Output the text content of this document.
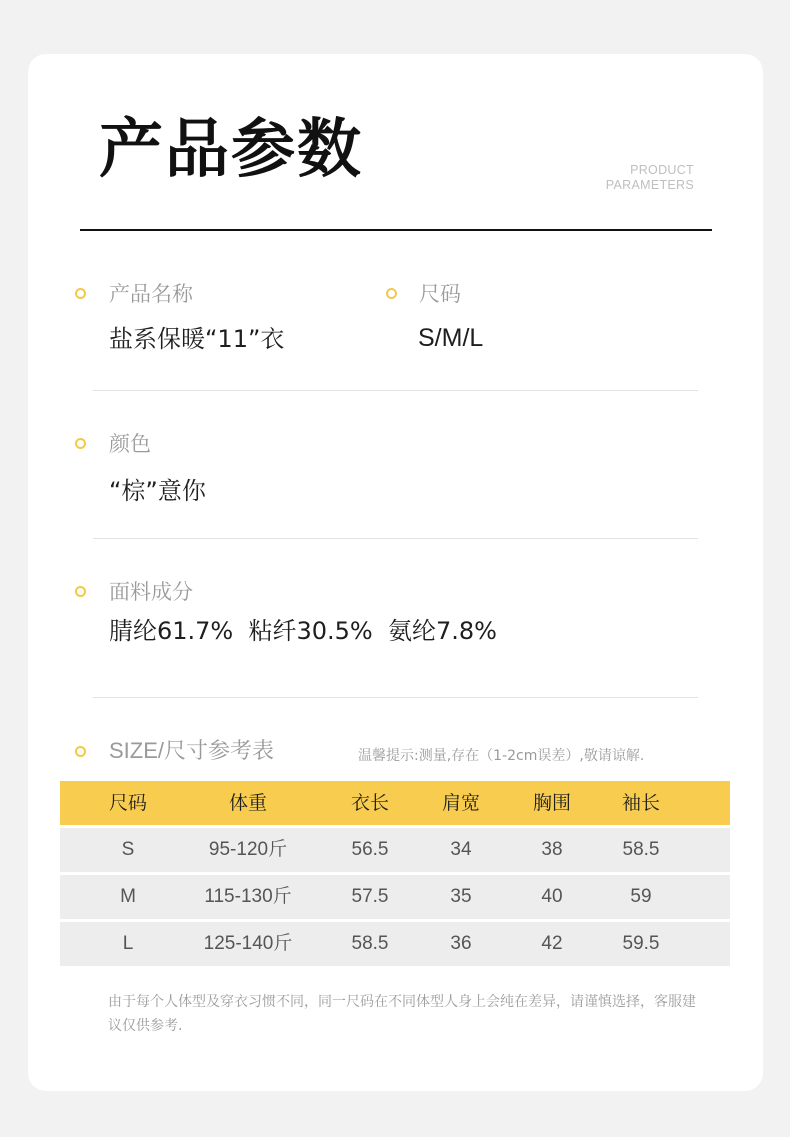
产品参数	PRODUCT
PARAMETERS
产品名称
盐系保暖“11”衣
尺码
S/M/L
颜色
“棕”意你
面料成分
腈纶61.7%  粘纤30.5%  氨纶7.8%
SIZE/尺寸参考表	温馨提示:测量,存在（1-2cm误差）,敬请谅解.
尺码	体重	衣长	肩宽	胸围	袖长
S	95-120斤	56.5	34	38	58.5
M	115-130斤	57.5	35	40	59
L	125-140斤	58.5	36	42	59.5
由于每个人体型及穿衣习惯不同，同一尺码在不同体型人身上会纯在差异，请谨慎选择，客服建议仅供参考.
